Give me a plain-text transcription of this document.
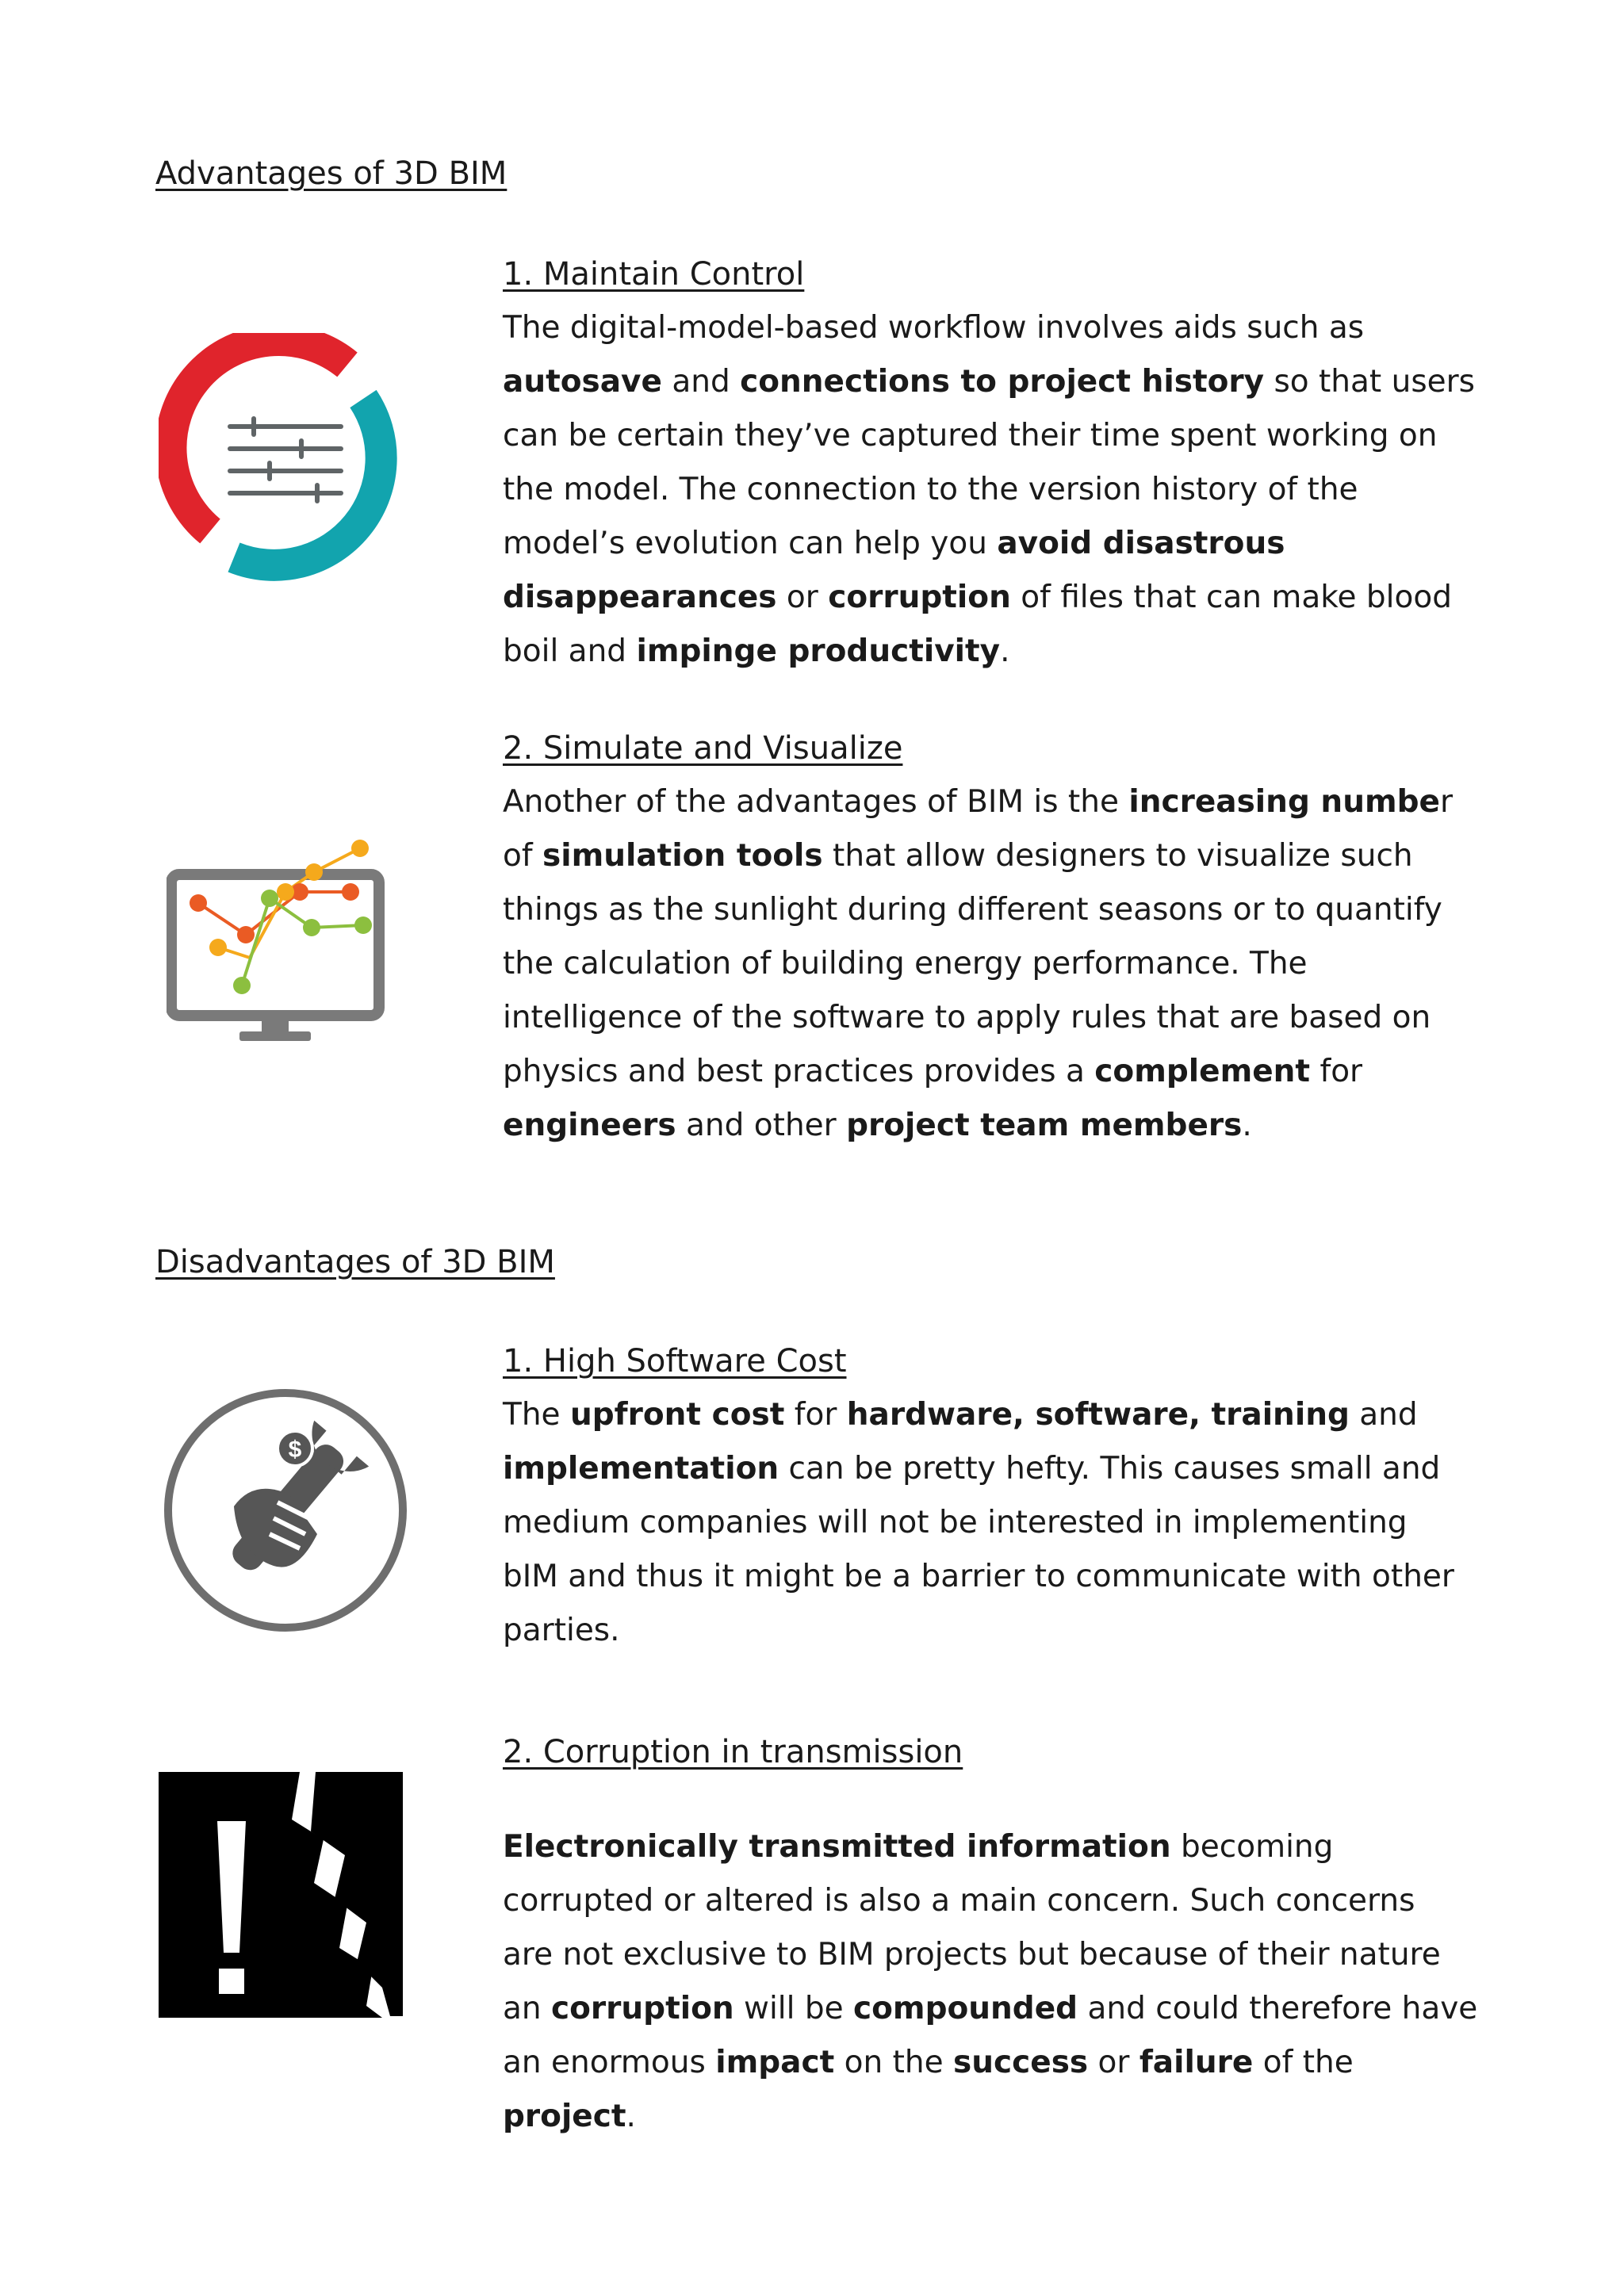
Advantages of 3D BIM
1. Maintain Control

The digital-model-based workflow involves aids such as
autosave and connections to project history so that users
can be certain they’ve captured their time spent working on
the model. The connection to the version history of the
model’s evolution can help you avoid disastrous
disappearances or corruption of files that can make blood
boil and impinge productivity.

2. Simulate and Visualize

Another of the advantages of BIM is the increasing number
of simulation tools that allow designers to visualize such
things as the sunlight during different seasons or to quantify
the calculation of building energy performance. The
intelligence of the software to apply rules that are based on
physics and best practices provides a complement for
engineers and other project team members.

Disadvantages of 3D BIM
$
1. High Software Cost

The upfront cost for hardware, software, training and
implementation can be pretty hefty. This causes small and
medium companies will not be interested in implementing
bIM and thus it might be a barrier to communicate with other
parties.

2. Corruption in transmission

Electronically transmitted information becoming
corrupted or altered is also a main concern. Such concerns
are not exclusive to BIM projects but because of their nature
an corruption will be compounded and could therefore have
an enormous impact on the success or failure of the
project.
